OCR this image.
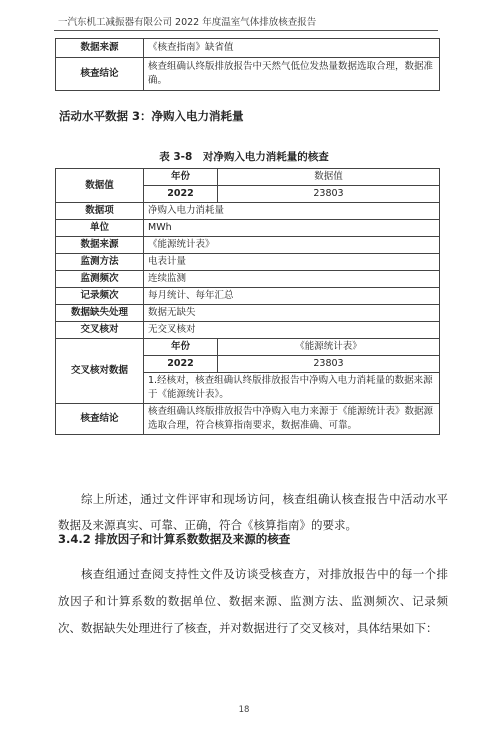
一汽东机工减振器有限公司 2022 年度温室气体排放核查报告
数据来源	《核查指南》缺省值
核查结论	核查组确认终版排放报告中天然气低位发热量数据选取合理，数据准确。
活动水平数据 3：净购入电力消耗量
表 3-8　对净购入电力消耗量的核查
数据值	年份	数据值
	2022	23803
数据项	净购入电力消耗量	
单位	MWh	
数据来源	《能源统计表》	
监测方法	电表计量	
监测频次	连续监测	
记录频次	每月统计、每年汇总	
数据缺失处理	数据无缺失	
交叉核对	无交叉核对	
交叉核对数据	年份	《能源统计表》
	2022	23803
	1.经核对，核查组确认终版排放报告中净购入电力消耗量的数据来源于《能源统计表》。	
核查结论	核查组确认终版排放报告中净购入电力来源于《能源统计表》数据源选取合理，符合核算指南要求，数据准确、可靠。	
综上所述，通过文件评审和现场访问，核查组确认核查报告中活动水平数据及来源真实、可靠、正确，符合《核算指南》的要求。
3.4.2 排放因子和计算系数数据及来源的核查
核查组通过查阅支持性文件及访谈受核查方，对排放报告中的每一个排放因子和计算系数的数据单位、数据来源、监测方法、监测频次、记录频次、数据缺失处理进行了核查，并对数据进行了交叉核对，具体结果如下：
18
